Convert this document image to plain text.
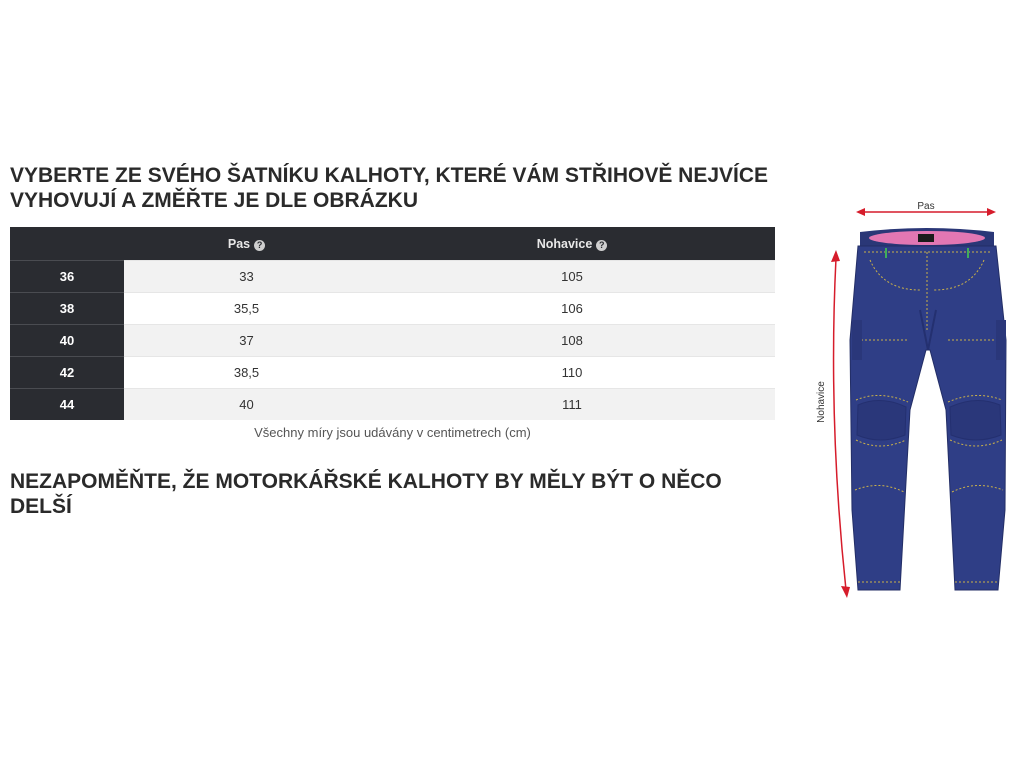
VYBERTE ZE SVÉHO ŠATNÍKU KALHOTY, KTERÉ VÁM STŘIHOVĚ NEJVÍCE VYHOVUJÍ A ZMĚŘTE JE DLE OBRÁZKU
	Pas ?	Nohavice ?
36	33	105
38	35,5	106
40	37	108
42	38,5	110
44	40	111
Všechny míry jsou udávány v centimetrech (cm)
NEZAPOMĚŇTE, ŽE MOTORKÁŘSKÉ KALHOTY BY MĚLY BÝT O NĚCO DELŠÍ
Pas
Nohavice
